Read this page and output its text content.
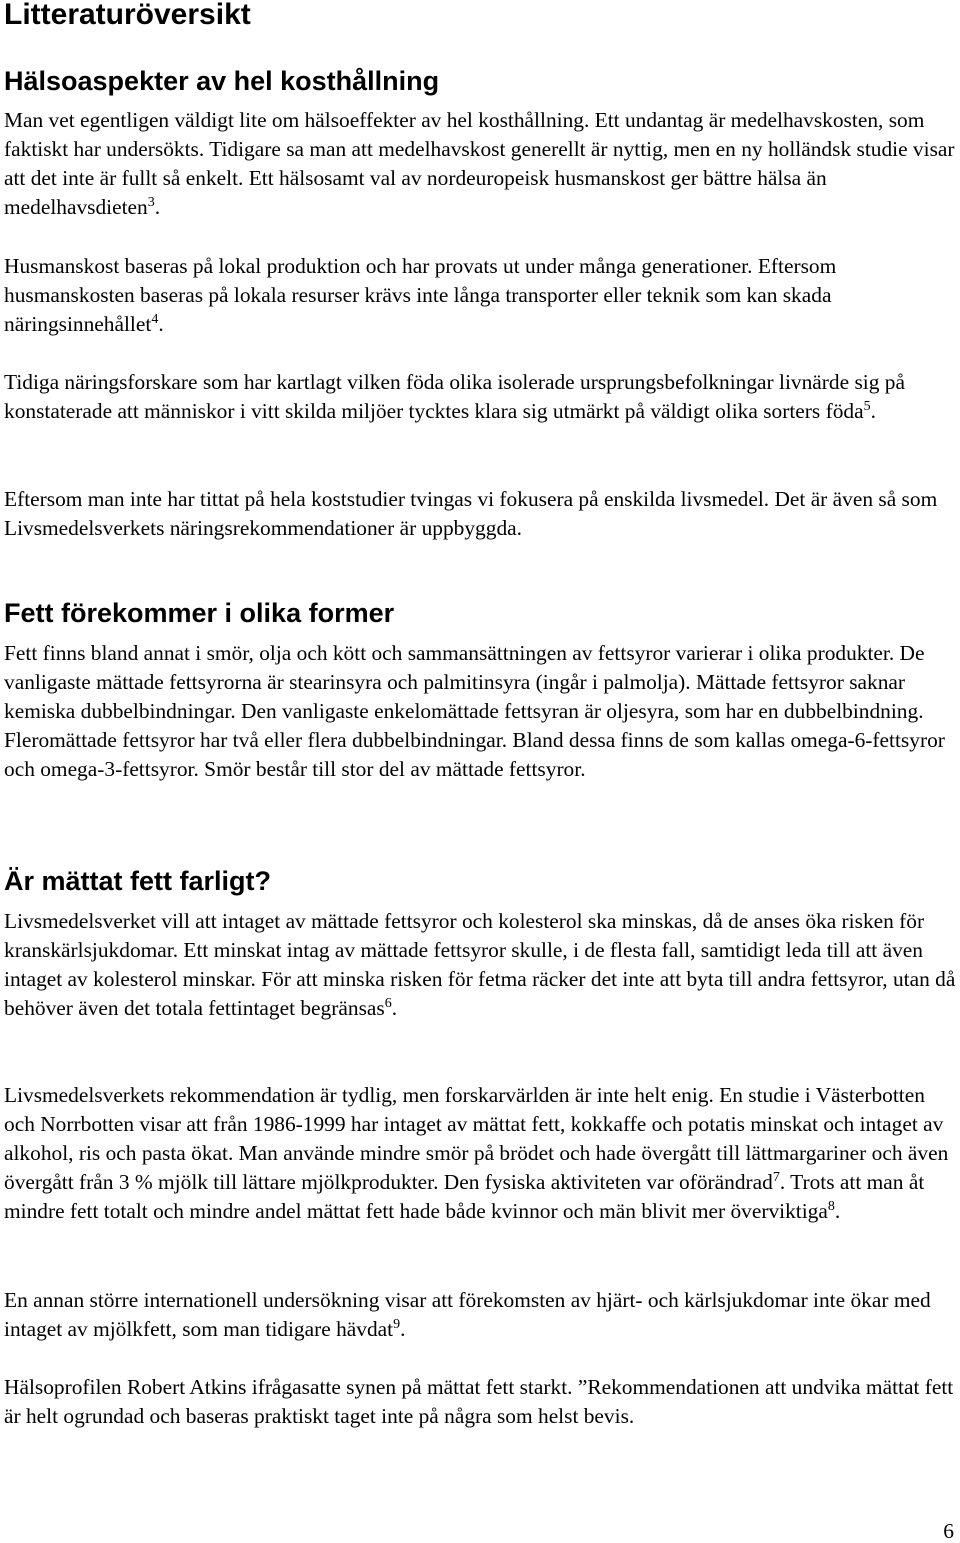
Litteraturöversikt
Hälsoaspekter av hel kosthållning

Man vet egentligen väldigt lite om hälsoeffekter av hel kosthållning. Ett undantag är medelhavskosten, som faktiskt har undersökts. Tidigare sa man att medelhavskost generellt är nyttig, men en ny holländsk studie visar att det inte är fullt så enkelt. Ett hälsosamt val av nordeuropeisk husmanskost ger bättre hälsa än medelhavsdieten$^3$.

Husmanskost baseras på lokal produktion och har provats ut under många generationer. Eftersom husmanskosten baseras på lokala resurser krävs inte långa transporter eller teknik som kan skada näringsinnehållet$^4$.

Tidiga näringsforskare som har kartlagt vilken föda olika isolerade ursprungsbefolkningar livnärde sig på konstaterade att människor i vitt skilda miljöer tycktes klara sig utmärkt på väldigt olika sorters föda$^5$.

Eftersom man inte har tittat på hela koststudier tvingas vi fokusera på enskilda livsmedel. Det är även så som Livsmedelsverkets näringsrekommendationer är uppbyggda.

Fett förekommer i olika former

Fett finns bland annat i smör, olja och kött och sammansättningen av fettsyror varierar i olika produkter. De vanligaste mättade fettsyrorna är stearinsyra och palmitinsyra (ingår i palmolja). Mättade fettsyror saknar kemiska dubbelbindningar. Den vanligaste enkelomättade fettsyran är oljesyra, som har en dubbelbindning. Fleromättade fettsyror har två eller flera dubbelbindningar. Bland dessa finns de som kallas omega-6-fettsyror och omega-3-fettsyror. Smör består till stor del av mättade fettsyror.

Är mättat fett farligt?

Livsmedelsverket vill att intaget av mättade fettsyror och kolesterol ska minskas, då de anses öka risken för kranskärlsjukdomar. Ett minskat intag av mättade fettsyror skulle, i de flesta fall, samtidigt leda till att även intaget av kolesterol minskar. För att minska risken för fetma räcker det inte att byta till andra fettsyror, utan då behöver även det totala fettintaget begränsas$^6$.

Livsmedelsverkets rekommendation är tydlig, men forskarvärlden är inte helt enig. En studie i Västerbotten och Norrbotten visar att från 1986-1999 har intaget av mättat fett, kokkaffe och potatis minskat och intaget av alkohol, ris och pasta ökat. Man använde mindre smör på brödet och hade övergått till lättmargariner och även övergått från 3 % mjölk till lättare mjölkprodukter. Den fysiska aktiviteten var oförändrad$^7$. Trots att man åt mindre fett totalt och mindre andel mättat fett hade både kvinnor och män blivit mer överviktiga$^8$.

En annan större internationell undersökning visar att förekomsten av hjärt- och kärlsjukdomar inte ökar med intaget av mjölkfett, som man tidigare hävdat$^9$.

Hälsoprofilen Robert Atkins ifrågasatte synen på mättat fett starkt. ”Rekommendationen att undvika mättat fett är helt ogrundad och baseras praktiskt taget inte på några som helst bevis.

6
